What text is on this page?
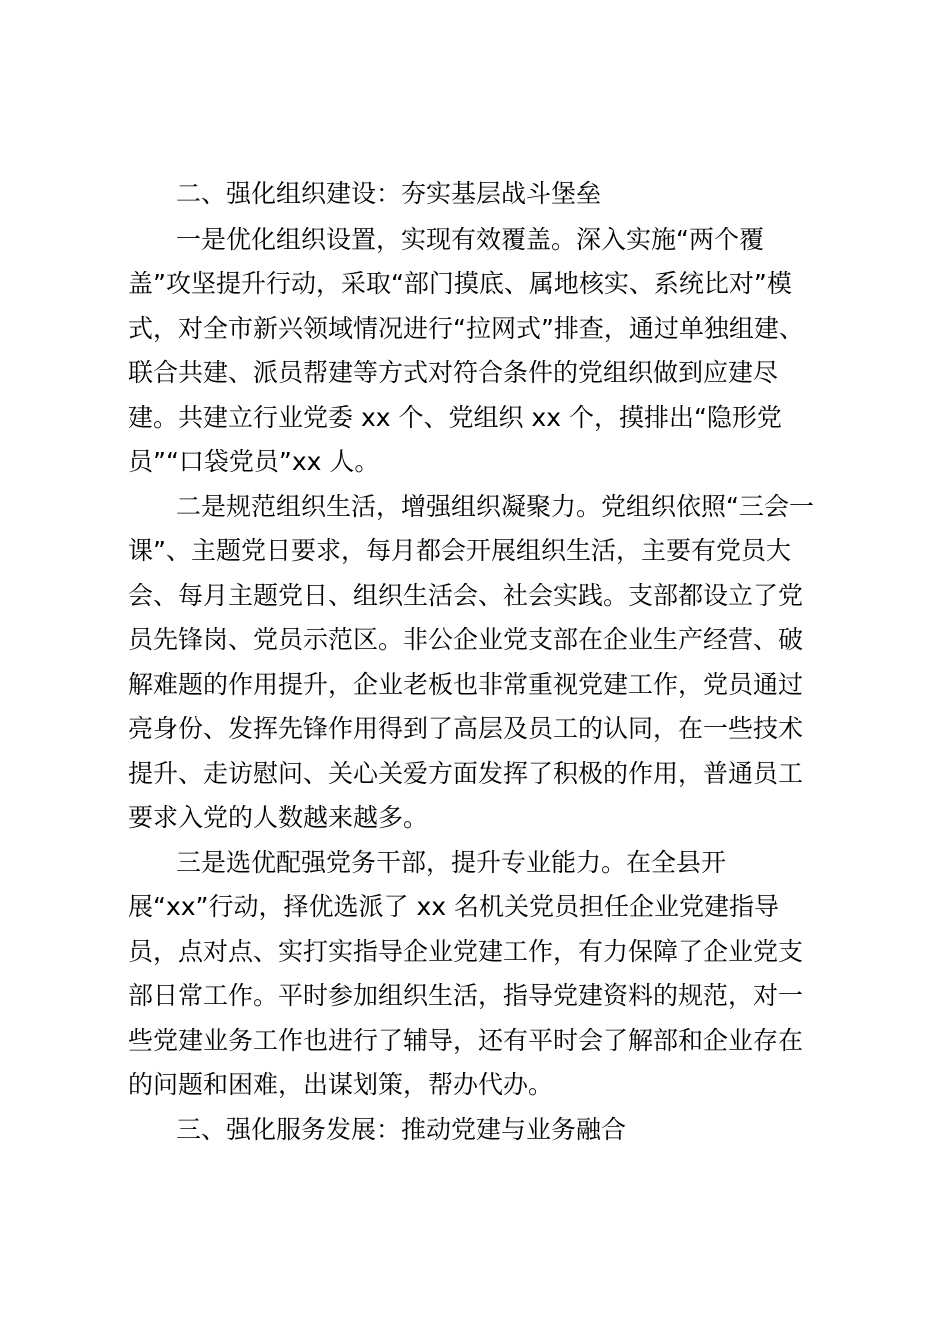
二、强化组织建设：夯实基层战斗堡垒
一是优化组织设置，实现有效覆盖。深入实施“两个覆
盖”攻坚提升行动，采取“部门摸底、属地核实、系统比对”模
式，对全市新兴领域情况进行“拉网式”排查，通过单独组建、
联合共建、派员帮建等方式对符合条件的党组织做到应建尽
建。共建立行业党委 xx 个、党组织 xx 个，摸排出“隐形党
员”“口袋党员”xx 人。
二是规范组织生活，增强组织凝聚力。党组织依照“三会一
课”、主题党日要求，每月都会开展组织生活，主要有党员大
会、每月主题党日、组织生活会、社会实践。支部都设立了党
员先锋岗、党员示范区。非公企业党支部在企业生产经营、破
解难题的作用提升，企业老板也非常重视党建工作，党员通过
亮身份、发挥先锋作用得到了高层及员工的认同，在一些技术
提升、走访慰问、关心关爱方面发挥了积极的作用，普通员工
要求入党的人数越来越多。
三是选优配强党务干部，提升专业能力。在全县开
展“xx”行动，择优选派了 xx 名机关党员担任企业党建指导
员，点对点、实打实指导企业党建工作，有力保障了企业党支
部日常工作。平时参加组织生活，指导党建资料的规范，对一
些党建业务工作也进行了辅导，还有平时会了解部和企业存在
的问题和困难，出谋划策，帮办代办。
三、强化服务发展：推动党建与业务融合
